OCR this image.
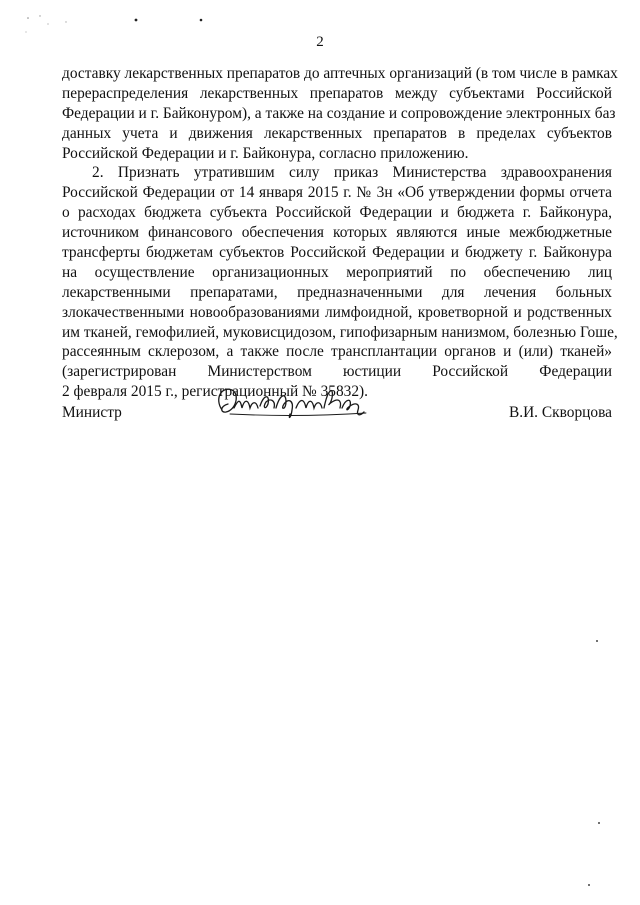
2
доставку лекарственных препаратов до аптечных организаций (в том числе в рамках
перераспределения лекарственных препаратов между субъектами Российской
Федерации и г. Байконуром), а также на создание и сопровождение электронных баз
данных учета и движения лекарственных препаратов в пределах субъектов
Российской Федерации и г. Байконура, согласно приложению.
2. Признать утратившим силу приказ Министерства здравоохранения
Российской Федерации от 14 января 2015 г. № 3н «Об утверждении формы отчета
о расходах бюджета субъекта Российской Федерации и бюджета г. Байконура,
источником финансового обеспечения которых являются иные межбюджетные
трансферты бюджетам субъектов Российской Федерации и бюджету г. Байконура
на осуществление организационных мероприятий по обеспечению лиц
лекарственными препаратами, предназначенными для лечения больных
злокачественными новообразованиями лимфоидной, кроветворной и родственных
им тканей, гемофилией, муковисцидозом, гипофизарным нанизмом, болезнью Гоше,
рассеянным склерозом, а также после трансплантации органов и (или) тканей»
(зарегистрирован Министерством юстиции Российской Федерации
2 февраля 2015 г., регистрационный № 35832).
Министр	В.И. Скворцова
